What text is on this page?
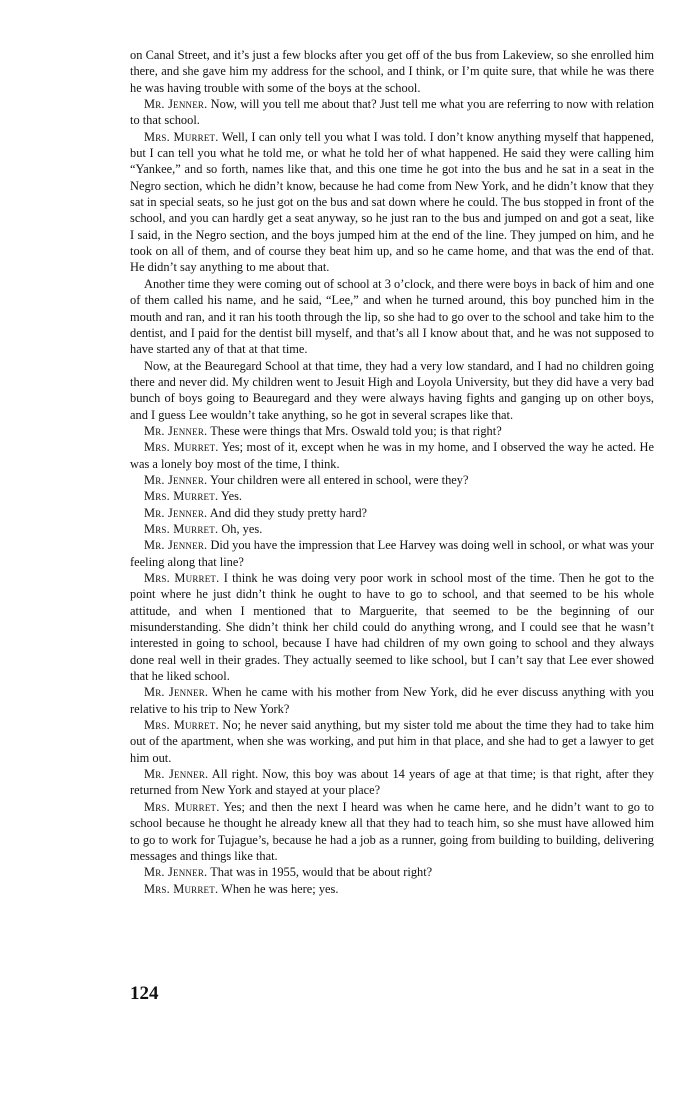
on Canal Street, and it’s just a few blocks after you get off of the bus from Lakeview, so she enrolled him there, and she gave him my address for the school, and I think, or I’m quite sure, that while he was there he was having trouble with some of the boys at the school.

Mr. Jenner. Now, will you tell me about that? Just tell me what you are referring to now with relation to that school.

Mrs. Murret. Well, I can only tell you what I was told. I don’t know anything myself that happened, but I can tell you what he told me, or what he told her of what happened. He said they were calling him “Yankee,” and so forth, names like that, and this one time he got into the bus and he sat in a seat in the Negro section, which he didn’t know, because he had come from New York, and he didn’t know that they sat in special seats, so he just got on the bus and sat down where he could. The bus stopped in front of the school, and you can hardly get a seat anyway, so he just ran to the bus and jumped on and got a seat, like I said, in the Negro section, and the boys jumped him at the end of the line. They jumped on him, and he took on all of them, and of course they beat him up, and so he came home, and that was the end of that. He didn’t say anything to me about that.

Another time they were coming out of school at 3 o’clock, and there were boys in back of him and one of them called his name, and he said, “Lee,” and when he turned around, this boy punched him in the mouth and ran, and it ran his tooth through the lip, so she had to go over to the school and take him to the dentist, and I paid for the dentist bill myself, and that’s all I know about that, and he was not supposed to have started any of that at that time.

Now, at the Beauregard School at that time, they had a very low standard, and I had no children going there and never did. My children went to Jesuit High and Loyola University, but they did have a very bad bunch of boys going to Beauregard and they were always having fights and ganging up on other boys, and I guess Lee wouldn’t take anything, so he got in several scrapes like that.

Mr. Jenner. These were things that Mrs. Oswald told you; is that right?

Mrs. Murret. Yes; most of it, except when he was in my home, and I observed the way he acted. He was a lonely boy most of the time, I think.

Mr. Jenner. Your children were all entered in school, were they?

Mrs. Murret. Yes.

Mr. Jenner. And did they study pretty hard?

Mrs. Murret. Oh, yes.

Mr. Jenner. Did you have the impression that Lee Harvey was doing well in school, or what was your feeling along that line?

Mrs. Murret. I think he was doing very poor work in school most of the time. Then he got to the point where he just didn’t think he ought to have to go to school, and that seemed to be his whole attitude, and when I mentioned that to Marguerite, that seemed to be the beginning of our misunderstanding. She didn’t think her child could do anything wrong, and I could see that he wasn’t interested in going to school, because I have had children of my own going to school and they always done real well in their grades. They actually seemed to like school, but I can’t say that Lee ever showed that he liked school.

Mr. Jenner. When he came with his mother from New York, did he ever discuss anything with you relative to his trip to New York?

Mrs. Murret. No; he never said anything, but my sister told me about the time they had to take him out of the apartment, when she was working, and put him in that place, and she had to get a lawyer to get him out.

Mr. Jenner. All right. Now, this boy was about 14 years of age at that time; is that right, after they returned from New York and stayed at your place?

Mrs. Murret. Yes; and then the next I heard was when he came here, and he didn’t want to go to school because he thought he already knew all that they had to teach him, so she must have allowed him to go to work for Tujague’s, because he had a job as a runner, going from building to building, delivering messages and things like that.

Mr. Jenner. That was in 1955, would that be about right?

Mrs. Murret. When he was here; yes.

124
